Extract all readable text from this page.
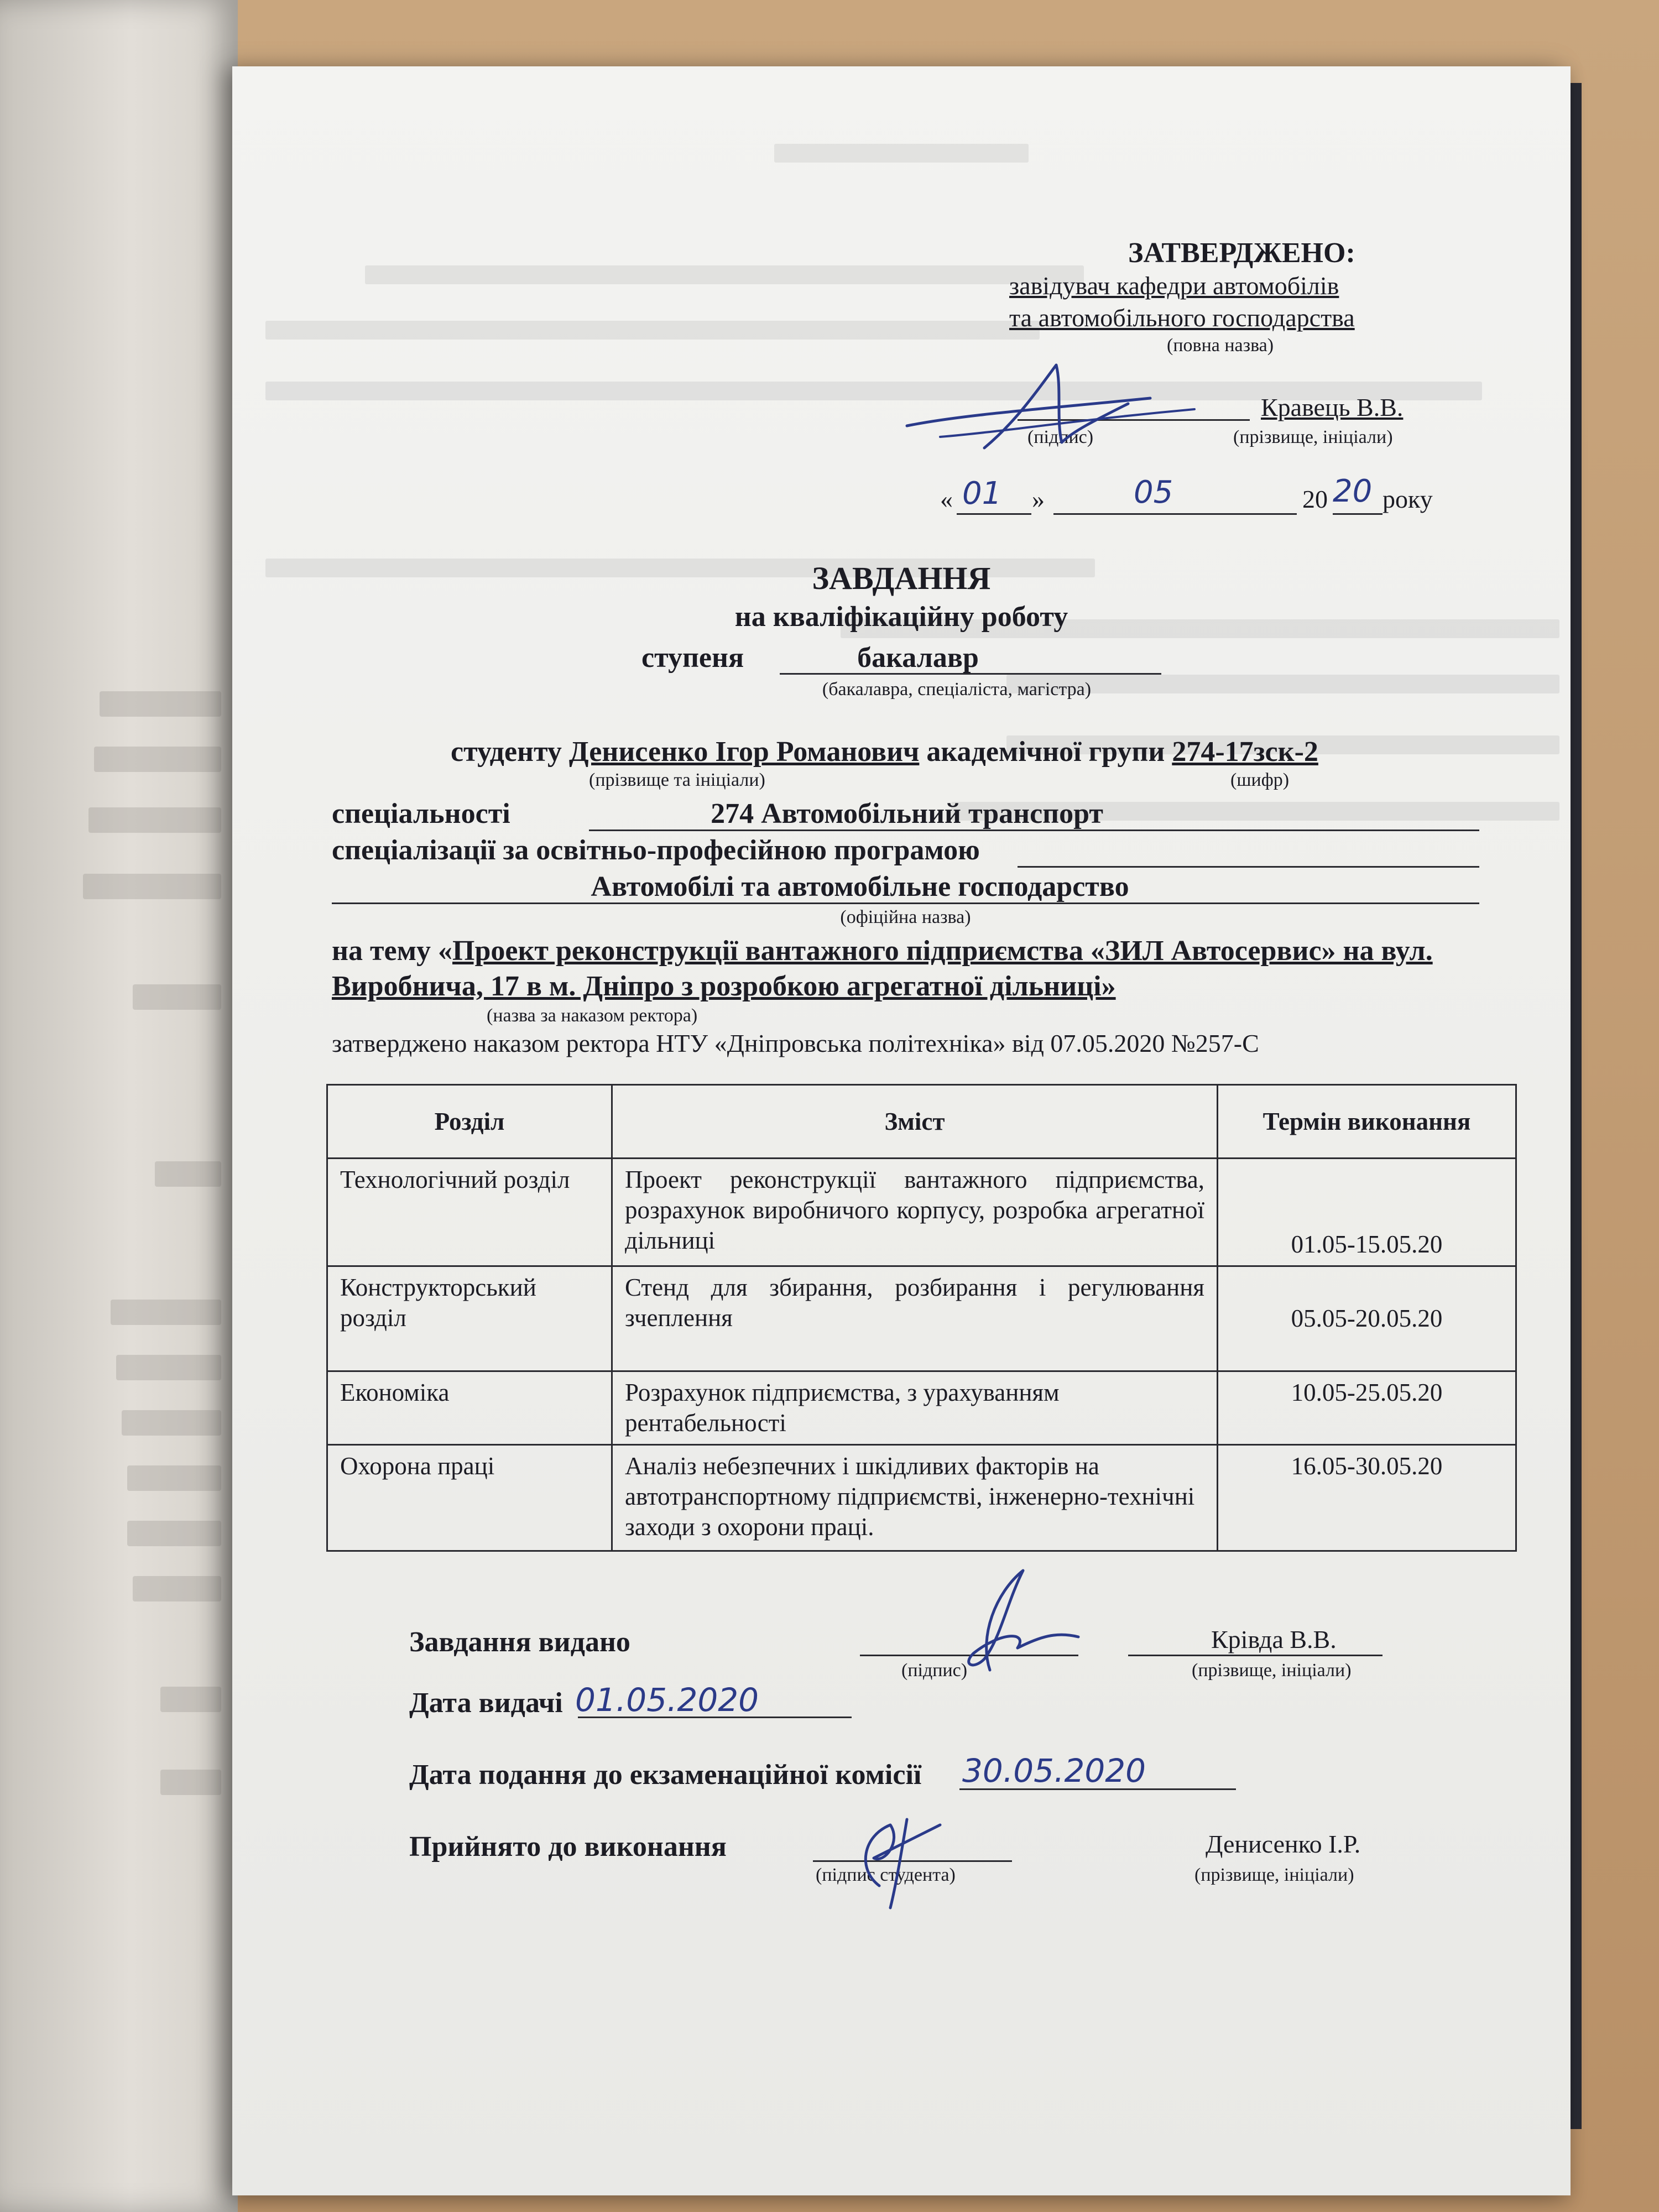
ЗАТВЕРДЖЕНО:
завідувач кафедри автомобілів
та автомобільного господарства
(повна назва)
Кравець В.В.
(підпис)	(прізвище, ініціали)
« 01 »	05	20 20 року
ЗАВДАННЯ
на кваліфікаційну роботу
ступеня	бакалавр
(бакалавра, спеціаліста, магістра)
студенту Денисенко Ігор Романович академічної групи 274-17зск-2
(прізвище та ініціали)	(шифр)
спеціальності	274 Автомобільний транспорт
спеціалізації за освітньо-професійною програмою
Автомобілі та автомобільне господарство
(офіційна назва)
на тему «Проект реконструкції вантажного підприємства «ЗИЛ Автосервис» на вул.
Виробнича, 17 в м. Дніпро з розробкою агрегатної дільниці»
(назва за наказом ректора)
затверджено наказом ректора НТУ «Дніпровська політехніка» від 07.05.2020 №257-С
Розділ	Зміст	Термін виконання
Технологічний розділ	Проект реконструкції вантажного підприємства, розрахунок виробничого корпусу, розробка агрегатної дільниці	01.05-15.05.20
Конструкторський розділ	Стенд для збирання, розбирання і регулювання зчеплення	05.05-20.05.20
Економіка	Розрахунок підприємства, з урахуванням рентабельності	10.05-25.05.20
Охорона праці	Аналіз небезпечних і шкідливих факторів на автотранспортному підприємстві, інженерно-технічні заходи з охорони праці.	16.05-30.05.20
Завдання видано	Крівда В.В.
(підпис)	(прізвище, ініціали)
Дата видачі 01.05.2020
Дата подання до екзаменаційної комісії 30.05.2020
Прийнято до виконання	Денисенко І.Р.
(підпис студента)	(прізвище, ініціали)
